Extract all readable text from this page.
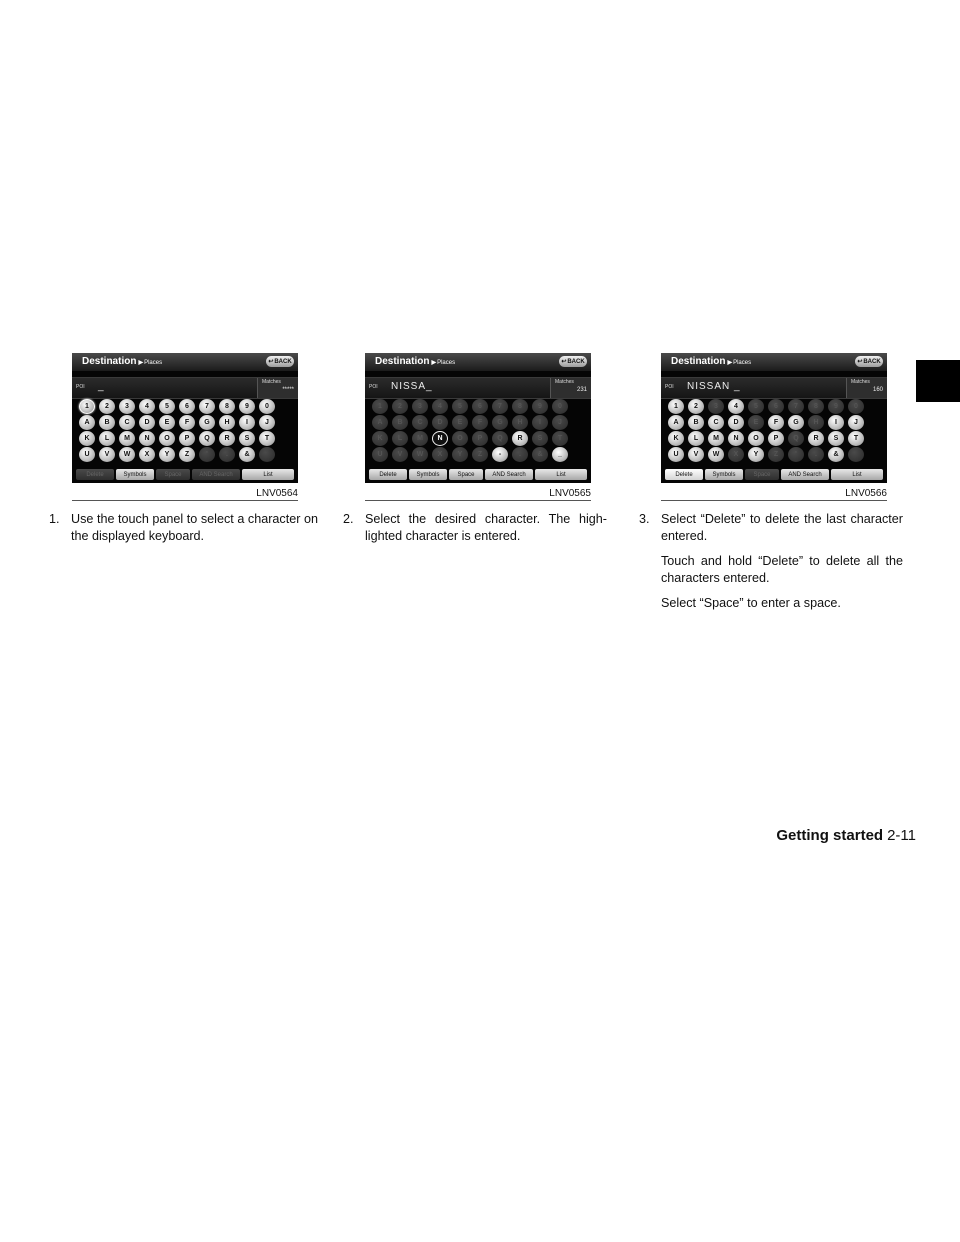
Destination ▶Places	↩ BACK
POI _	Matches
*****
1	2	3	4	5	6	7	8	9	0
A	B	C	D	E	F	G	H	I	J
K	L	M	N	O	P	Q	R	S	T
U	V	W	X	Y	Z	'	.	&
Delete	Symbols	Space	AND Search	List
Destination ▶Places	↩ BACK
POI NISSA_	Matches
231
1	2	3	4	5	6	7	8	9	0
A	B	C	D	E	F	G	H	I	J
K	L	M	N	O	P	Q	R	S	T
U	V	W	X	Y	Z	-	.	&	_
Delete	Symbols	Space	AND Search	List
Destination ▶Places	↩ BACK
POI NISSAN _	Matches
160
1	2	3	4	5	6	7	8	9	0
A	B	C	D	E	F	G	H	I	J
K	L	M	N	O	P	Q	R	S	T
U	V	W	X	Y	Z	'	.	&
Delete	Symbols	Space	AND Search	List
LNV0564	LNV0565	LNV0566
1. Use the touch panel to select a character on the displayed keyboard.

2. Select the desired character. The high- lighted character is entered.

3. Select “Delete” to delete the last character entered.

Touch and hold “Delete” to delete all the characters entered.

Select “Space” to enter a space.

Getting started 2-11
